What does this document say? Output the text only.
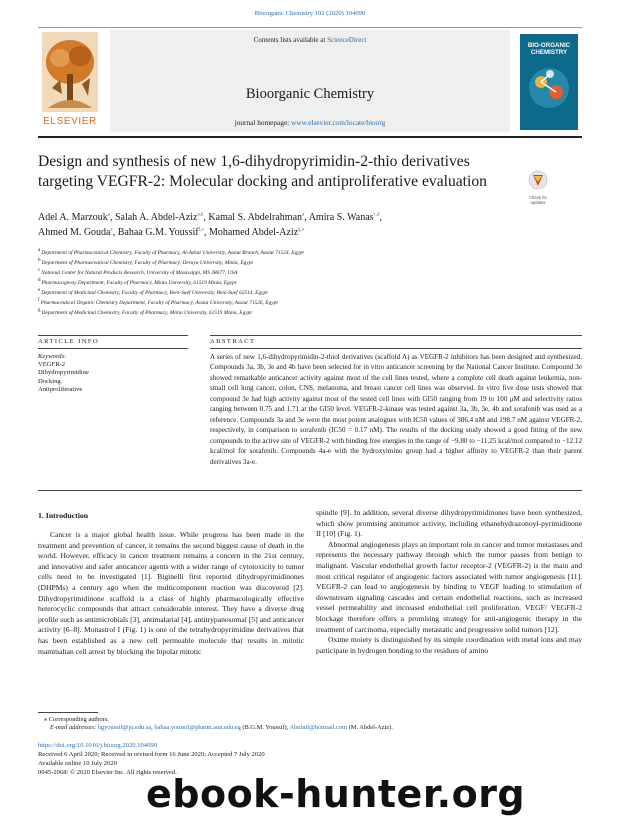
Bioorganic Chemistry 102 (2020) 104090
ELSEVIER
Contents lists available at ScienceDirect
Bioorganic Chemistry
journal homepage: www.elsevier.com/locate/bioorg
BIO-ORGANIC CHEMISTRY
Design and synthesis of new 1,6-dihydropyrimidin-2-thio derivatives targeting VEGFR-2: Molecular docking and antiproliferative evaluation
Check for
updates
Adel A. Marzouk$^a$, Salah A. Abdel-Aziz$^{a,b}$, Kamal S. Abdelrahman$^a$, Amira S. Wanas$^{c,d}$,
Ahmed M. Gouda$^e$, Bahaa G.M. Youssif$^{f,⁎}$, Mohamed Abdel-Aziz$^{g,⁎}$
$^a$Department of Pharmaceutical Chemistry, Faculty of Pharmacy, Al-Azhar University, Assiut Branch, Assiut 71524, Egypt
$^b$Department of Pharmaceutical Chemistry, Faculty of Pharmacy, Deraya University, Minia, Egypt
$^c$National Center for Natural Products Research, University of Mississippi, MS 38677, USA
$^d$Pharmacognosy Department, Faculty of Pharmacy, Minia University, 61519 Minia, Egypt
$^e$Department of Medicinal Chemistry, Faculty of Pharmacy, Beni-Suef University, Beni-Suef 62514, Egypt
$^f$Pharmaceutical Organic Chemistry Department, Faculty of Pharmacy, Assiut University, Assiut 71526, Egypt
$^g$Department of Medicinal Chemistry, Faculty of Pharmacy, Minia University, 61519 Minia, Egypt
ARTICLE INFO	ABSTRACT
Keywords:
VEGFR-2
Dihydropyrimidine
Docking
Antiproliferative
A series of new 1,6-dihydropyrimidin-2-thiol derivatives (scaffold A) as VEGFR-2 inhibitors has been designed and synthesized. Compounds 3a, 3b, 3e and 4b have been selected for in vitro anticancer screening by the National Cancer Institute. Compound 3e showed remarkable anticancer activity against most of the cell lines tested, where a complete cell death against leukemia, non-small cell lung cancer, colon, CNS, melanoma, and breast cancer cell lines was observed. In vitro five dose tests showed that compound 3e had high activity against most of the tested cell lines with GI50 ranging from 19 to 100 μM and selectivity ratios ranging between 0.75 and 1.71 at the GI50 level. VEGFR-2-kinase was tested against 3a, 3b, 3e, 4b and sorafenib was used as a reference. Compounds 3a and 3e were the most potent analogues with IC50 values of 386.4 nM and 198.7 nM against VEGFR-2, respectively, in comparison to sorafenib (IC50 = 0.17 nM). The results of the docking study showed a good fitting of the new compounds to the active site of VEGFR-2 with binding free energies in the range of −9.80 to −11.25 kcal/mol compared to −12.12 kcal/mol for sorafenib. Compounds 4a-e with the hydroxyimino group had a higher affinity to VEGFR-2 than their parent derivatives 3a-e.
1. Introduction
Cancer is a major global health issue. While progress has been made in the treatment and prevention of cancer, it remains the second biggest cause of death in the world. However, efficacy in cancer treatment remains a concern in the 21st century, and innovative and safer anticancer agents with a wider range of cytotoxicity to tumor cells need to be investigated [1]. Biginelli first reported dihydropyrimidinones (DHPMs) a century ago when the multicomponent reaction was discovered [2]. Dihydropyrimidinone scaffold is a class of highly pharmacologically effective heterocyclic compounds that attract considerable interest. They have a diverse drug profile such as antimicrobials [3], antimalarial [4], antitrypanosomal [5] and anticancer activity [6–8]. Monastrol I (Fig. 1) is one of the tetrahydropyrimidine derivatives that has been established as a new cell permeable molecule that results in mitotic mammalian cell arrest by blocking the bipolar mitotic
spindle [9]. In addition, several diverse dihydropyrimidinones have been synthesized, which show promising antitumor activity, including ethanehydrazonoyl-pyrimidinone II [10] (Fig. 1).
Abnormal angiogenesis plays an important role in cancer and tumor metastases and represents the necessary pathway through which the tumor passes from benign to malignant. Vascular endothelial growth factor receptor-2 (VEGFR-2) is the main and most critical regulator of angiogenic factors associated with tumor angiogenesis [11]. VEGFR-2 can lead to angiogenesis by binding to VEGF leading to stimulation of downstream signaling cascades and certain endothelial reactions, such as increased vessel permeability and increased endothelial cell proliferation. VEGF/ VEGFR-2 blockage therefore offers a promising strategy for anti-angiogenic therapy in the treatment of carcinoma, especially metastatic and progressive solid tumors [12].
Oxime moiety is distinguished by its simple coordination with metal ions and may participate in hydrogen bonding to the residues of amino
⁎ Corresponding authors.
E-mail addresses: bgyoussif@ju.edu.sa, bahaa.youssif@pharm.aun.edu.eg (B.G.M. Youssif), Abulnil@hotmail.com (M. Abdel-Aziz).
https://doi.org/10.1016/j.bioorg.2020.104090
Received 6 April 2020; Received in revised form 16 June 2020; Accepted 7 July 2020
Available online 10 July 2020
0045-2068/ © 2020 Elsevier Inc. All rights reserved.
ebook-hunter.org
